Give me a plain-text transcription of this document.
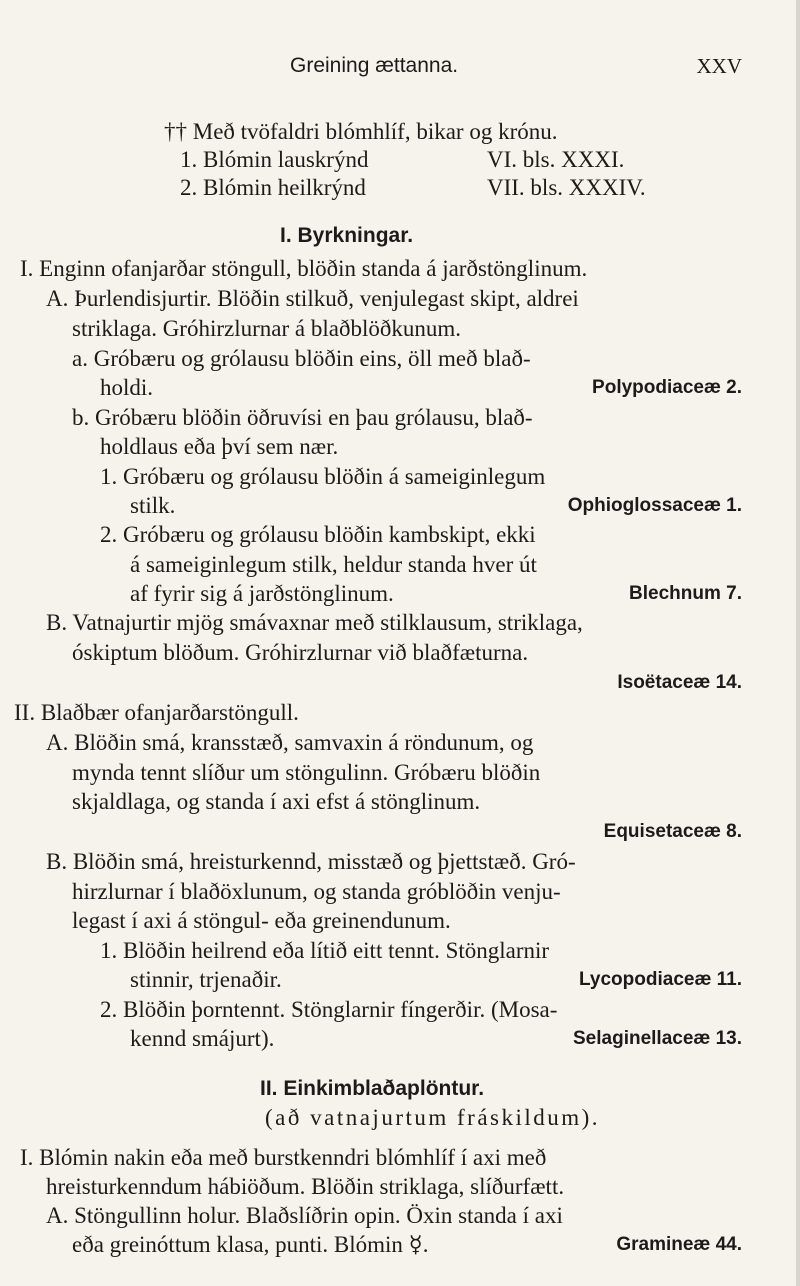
Greining ættanna.	XXV
†† Með tvöfaldri blómhlíf, bikar og krónu.
1. Blómin lauskrýnd	VI. bls. XXXI.
2. Blómin heilkrýnd	VII. bls. XXXIV.
I. Byrkningar.
I. Enginn ofanjarðar stöngull, blöðin standa á jarðstönglinum.
A. Þurlendisjurtir. Blöðin stilkuð, venjulegast skipt, aldrei
striklaga. Gróhirzlurnar á blaðblöðkunum.
a. Gróbæru og grólausu blöðin eins, öll með blað-
holdi.	Polypodiaceæ 2.
b. Gróbæru blöðin öðruvísi en þau grólausu, blað-
holdlaus eða því sem nær.
1. Gróbæru og grólausu blöðin á sameiginlegum
stilk.	Ophioglossaceæ 1.
2. Gróbæru og grólausu blöðin kambskipt, ekki
á sameiginlegum stilk, heldur standa hver út
af fyrir sig á jarðstönglinum.	Blechnum 7.
B. Vatnajurtir mjög smávaxnar með stilklausum, striklaga,
óskiptum blöðum. Gróhirzlurnar við blaðfæturna.
Isoëtaceæ 14.
II. Blaðbær ofanjarðarstöngull.
A. Blöðin smá, kransstæð, samvaxin á röndunum, og
mynda tennt slíður um stöngulinn. Gróbæru blöðin
skjaldlaga, og standa í axi efst á stönglinum.
Equisetaceæ 8.
B. Blöðin smá, hreisturkennd, misstæð og þjettstæð. Gró-
hirzlurnar í blaðöxlunum, og standa gróblöðin venju-
legast í axi á stöngul- eða greinendunum.
1. Blöðin heilrend eða lítið eitt tennt. Stönglarnir
stinnir, trjenaðir.	Lycopodiaceæ 11.
2. Blöðin þorntennt. Stönglarnir fíngerðir. (Mosa-
kennd smájurt).	Selaginellaceæ 13.
II. Einkimblaðaplöntur.
(að vatnajurtum fráskildum).
I. Blómin nakin eða með burstkenndri blómhlíf í axi með
hreisturkenndum hábiöðum. Blöðin striklaga, slíðurfætt.
A. Stöngullinn holur. Blaðslíðrin opin. Öxin standa í axi
eða greinóttum klasa, punti. Blómin ☿.	Gramineæ 44.
